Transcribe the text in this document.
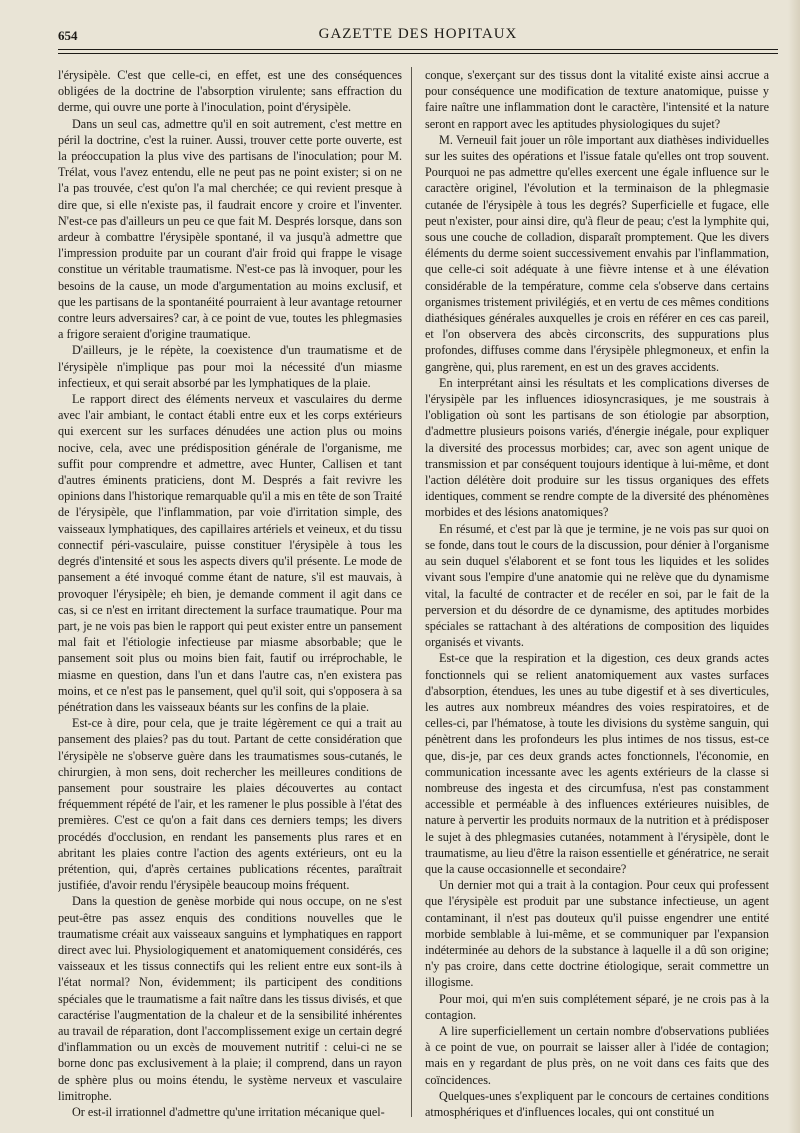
654	GAZETTE DES HOPITAUX

l'érysipèle. C'est que celle-ci, en effet, est une des conséquences obligées de la doctrine de l'absorption virulente; sans effraction du derme, qui ouvre une porte à l'inoculation, point d'érysipèle.

Dans un seul cas, admettre qu'il en soit autrement, c'est mettre en péril la doctrine, c'est la ruiner. Aussi, trouver cette porte ouverte, est la préoccupation la plus vive des partisans de l'inoculation; pour M. Trélat, vous l'avez entendu, elle ne peut pas ne point exister; si on ne l'a pas trouvée, c'est qu'on l'a mal cherchée; ce qui revient presque à dire que, si elle n'existe pas, il faudrait encore y croire et l'inventer. N'est-ce pas d'ailleurs un peu ce que fait M. Després lorsque, dans son ardeur à combattre l'érysipèle spontané, il va jusqu'à admettre que l'impression produite par un courant d'air froid qui frappe le visage constitue un véritable traumatisme. N'est-ce pas là invoquer, pour les besoins de la cause, un mode d'argumentation au moins exclusif, et que les partisans de la spontanéité pourraient à leur avantage retourner contre leurs adversaires? car, à ce point de vue, toutes les phlegmasies a frigore seraient d'origine traumatique.

D'ailleurs, je le répète, la coexistence d'un traumatisme et de l'érysipèle n'implique pas pour moi la nécessité d'un miasme infectieux, et qui serait absorbé par les lymphatiques de la plaie.

Le rapport direct des éléments nerveux et vasculaires du derme avec l'air ambiant, le contact établi entre eux et les corps extérieurs qui exercent sur les surfaces dénudées une action plus ou moins nocive, cela, avec une prédisposition générale de l'organisme, me suffit pour comprendre et admettre, avec Hunter, Callisen et tant d'autres éminents praticiens, dont M. Després a fait revivre les opinions dans l'historique remarquable qu'il a mis en tête de son Traité de l'érysipèle, que l'inflammation, par voie d'irritation simple, des vaisseaux lymphatiques, des capillaires artériels et veineux, et du tissu connectif péri-vasculaire, puisse constituer l'érysipèle à tous les degrés d'intensité et sous les aspects divers qu'il présente. Le mode de pansement a été invoqué comme étant de nature, s'il est mauvais, à provoquer l'érysipèle; eh bien, je demande comment il agit dans ce cas, si ce n'est en irritant directement la surface traumatique. Pour ma part, je ne vois pas bien le rapport qui peut exister entre un pansement mal fait et l'étiologie infectieuse par miasme absorbable; que le pansement soit plus ou moins bien fait, fautif ou irréprochable, le miasme en question, dans l'un et dans l'autre cas, n'en existera pas moins, et ce n'est pas le pansement, quel qu'il soit, qui s'opposera à sa pénétration dans les vaisseaux béants sur les confins de la plaie.

Est-ce à dire, pour cela, que je traite légèrement ce qui a trait au pansement des plaies? pas du tout. Partant de cette considération que l'érysipèle ne s'observe guère dans les traumatismes sous-cutanés, le chirurgien, à mon sens, doit rechercher les meilleures conditions de pansement pour soustraire les plaies découvertes au contact fréquemment répété de l'air, et les ramener le plus possible à l'état des premières. C'est ce qu'on a fait dans ces derniers temps; les divers procédés d'occlusion, en rendant les pansements plus rares et en abritant les plaies contre l'action des agents extérieurs, ont eu la prétention, qui, d'après certaines publications récentes, paraîtrait justifiée, d'avoir rendu l'érysipèle beaucoup moins fréquent.

Dans la question de genèse morbide qui nous occupe, on ne s'est peut-être pas assez enquis des conditions nouvelles que le traumatisme créait aux vaisseaux sanguins et lymphatiques en rapport direct avec lui. Physiologiquement et anatomiquement considérés, ces vaisseaux et les tissus connectifs qui les relient entre eux sont-ils à l'état normal? Non, évidemment; ils participent des conditions spéciales que le traumatisme a fait naître dans les tissus divisés, et que caractérise l'augmentation de la chaleur et de la sensibilité inhérentes au travail de réparation, dont l'accomplissement exige un certain degré d'inflammation ou un excès de mouvement nutritif : celui-ci ne se borne donc pas exclusivement à la plaie; il comprend, dans un rayon de sphère plus ou moins étendu, le système nerveux et vasculaire limitrophe.

Or est-il irrationnel d'admettre qu'une irritation mécanique quel-

conque, s'exerçant sur des tissus dont la vitalité existe ainsi accrue a pour conséquence une modification de texture anatomique, puisse y faire naître une inflammation dont le caractère, l'intensité et la nature seront en rapport avec les aptitudes physiologiques du sujet?

M. Verneuil fait jouer un rôle important aux diathèses individuelles sur les suites des opérations et l'issue fatale qu'elles ont trop souvent. Pourquoi ne pas admettre qu'elles exercent une égale influence sur le caractère originel, l'évolution et la terminaison de la phlegmasie cutanée de l'érysipèle à tous les degrés? Superficielle et fugace, elle peut n'exister, pour ainsi dire, qu'à fleur de peau; c'est la lymphite qui, sous une couche de colladion, disparaît promptement. Que les divers éléments du derme soient successivement envahis par l'inflammation, que celle-ci soit adéquate à une fièvre intense et à une élévation considérable de la température, comme cela s'observe dans certains organismes tristement privilégiés, et en vertu de ces mêmes conditions diathésiques générales auxquelles je crois en référer en ces cas pareil, et l'on observera des abcès circonscrits, des suppurations plus profondes, diffuses comme dans l'érysipèle phlegmoneux, et enfin la gangrène, qui, plus rarement, en est un des graves accidents.

En interprétant ainsi les résultats et les complications diverses de l'érysipèle par les influences idiosyncrasiques, je me soustrais à l'obligation où sont les partisans de son étiologie par absorption, d'admettre plusieurs poisons variés, d'énergie inégale, pour expliquer la diversité des processus morbides; car, avec son agent unique de transmission et par conséquent toujours identique à lui-même, et dont l'action délétère doit produire sur les tissus organiques des effets identiques, comment se rendre compte de la diversité des phénomènes morbides et des lésions anatomiques?

En résumé, et c'est par là que je termine, je ne vois pas sur quoi on se fonde, dans tout le cours de la discussion, pour dénier à l'organisme au sein duquel s'élaborent et se font tous les liquides et les solides vivant sous l'empire d'une anatomie qui ne relève que du dynamisme vital, la faculté de contracter et de recéler en soi, par le fait de la perversion et du désordre de ce dynamisme, des aptitudes morbides spéciales se rattachant à des altérations de composition des liquides organisés et vivants.

Est-ce que la respiration et la digestion, ces deux grands actes fonctionnels qui se relient anatomiquement aux vastes surfaces d'absorption, étendues, les unes au tube digestif et à ses diverticules, les autres aux nombreux méandres des voies respiratoires, et de celles-ci, par l'hématose, à toute les divisions du système sanguin, qui pénètrent dans les profondeurs les plus intimes de nos tissus, est-ce que, dis-je, par ces deux grands actes fonctionnels, l'économie, en communication incessante avec les agents extérieurs de la classe si nombreuse des ingesta et des circumfusa, n'est pas constamment accessible et perméable à des influences extérieures nuisibles, de nature à pervertir les produits normaux de la nutrition et à prédisposer le sujet à des phlegmasies cutanées, notamment à l'érysipèle, dont le traumatisme, au lieu d'être la raison essentielle et génératrice, ne serait que la cause occasionnelle et secondaire?

Un dernier mot qui a trait à la contagion. Pour ceux qui professent que l'érysipèle est produit par une substance infectieuse, un agent contaminant, il n'est pas douteux qu'il puisse engendrer une entité morbide semblable à lui-même, et se communiquer par l'expansion indéterminée au dehors de la substance à laquelle il a dû son origine; n'y pas croire, dans cette doctrine étiologique, serait commettre un illogisme.

Pour moi, qui m'en suis complétement séparé, je ne crois pas à la contagion.

A lire superficiellement un certain nombre d'observations publiées à ce point de vue, on pourrait se laisser aller à l'idée de contagion; mais en y regardant de plus près, on ne voit dans ces faits que des coïncidences.

Quelques-unes s'expliquent par le concours de certaines conditions atmosphériques et d'influences locales, qui ont constitué un
